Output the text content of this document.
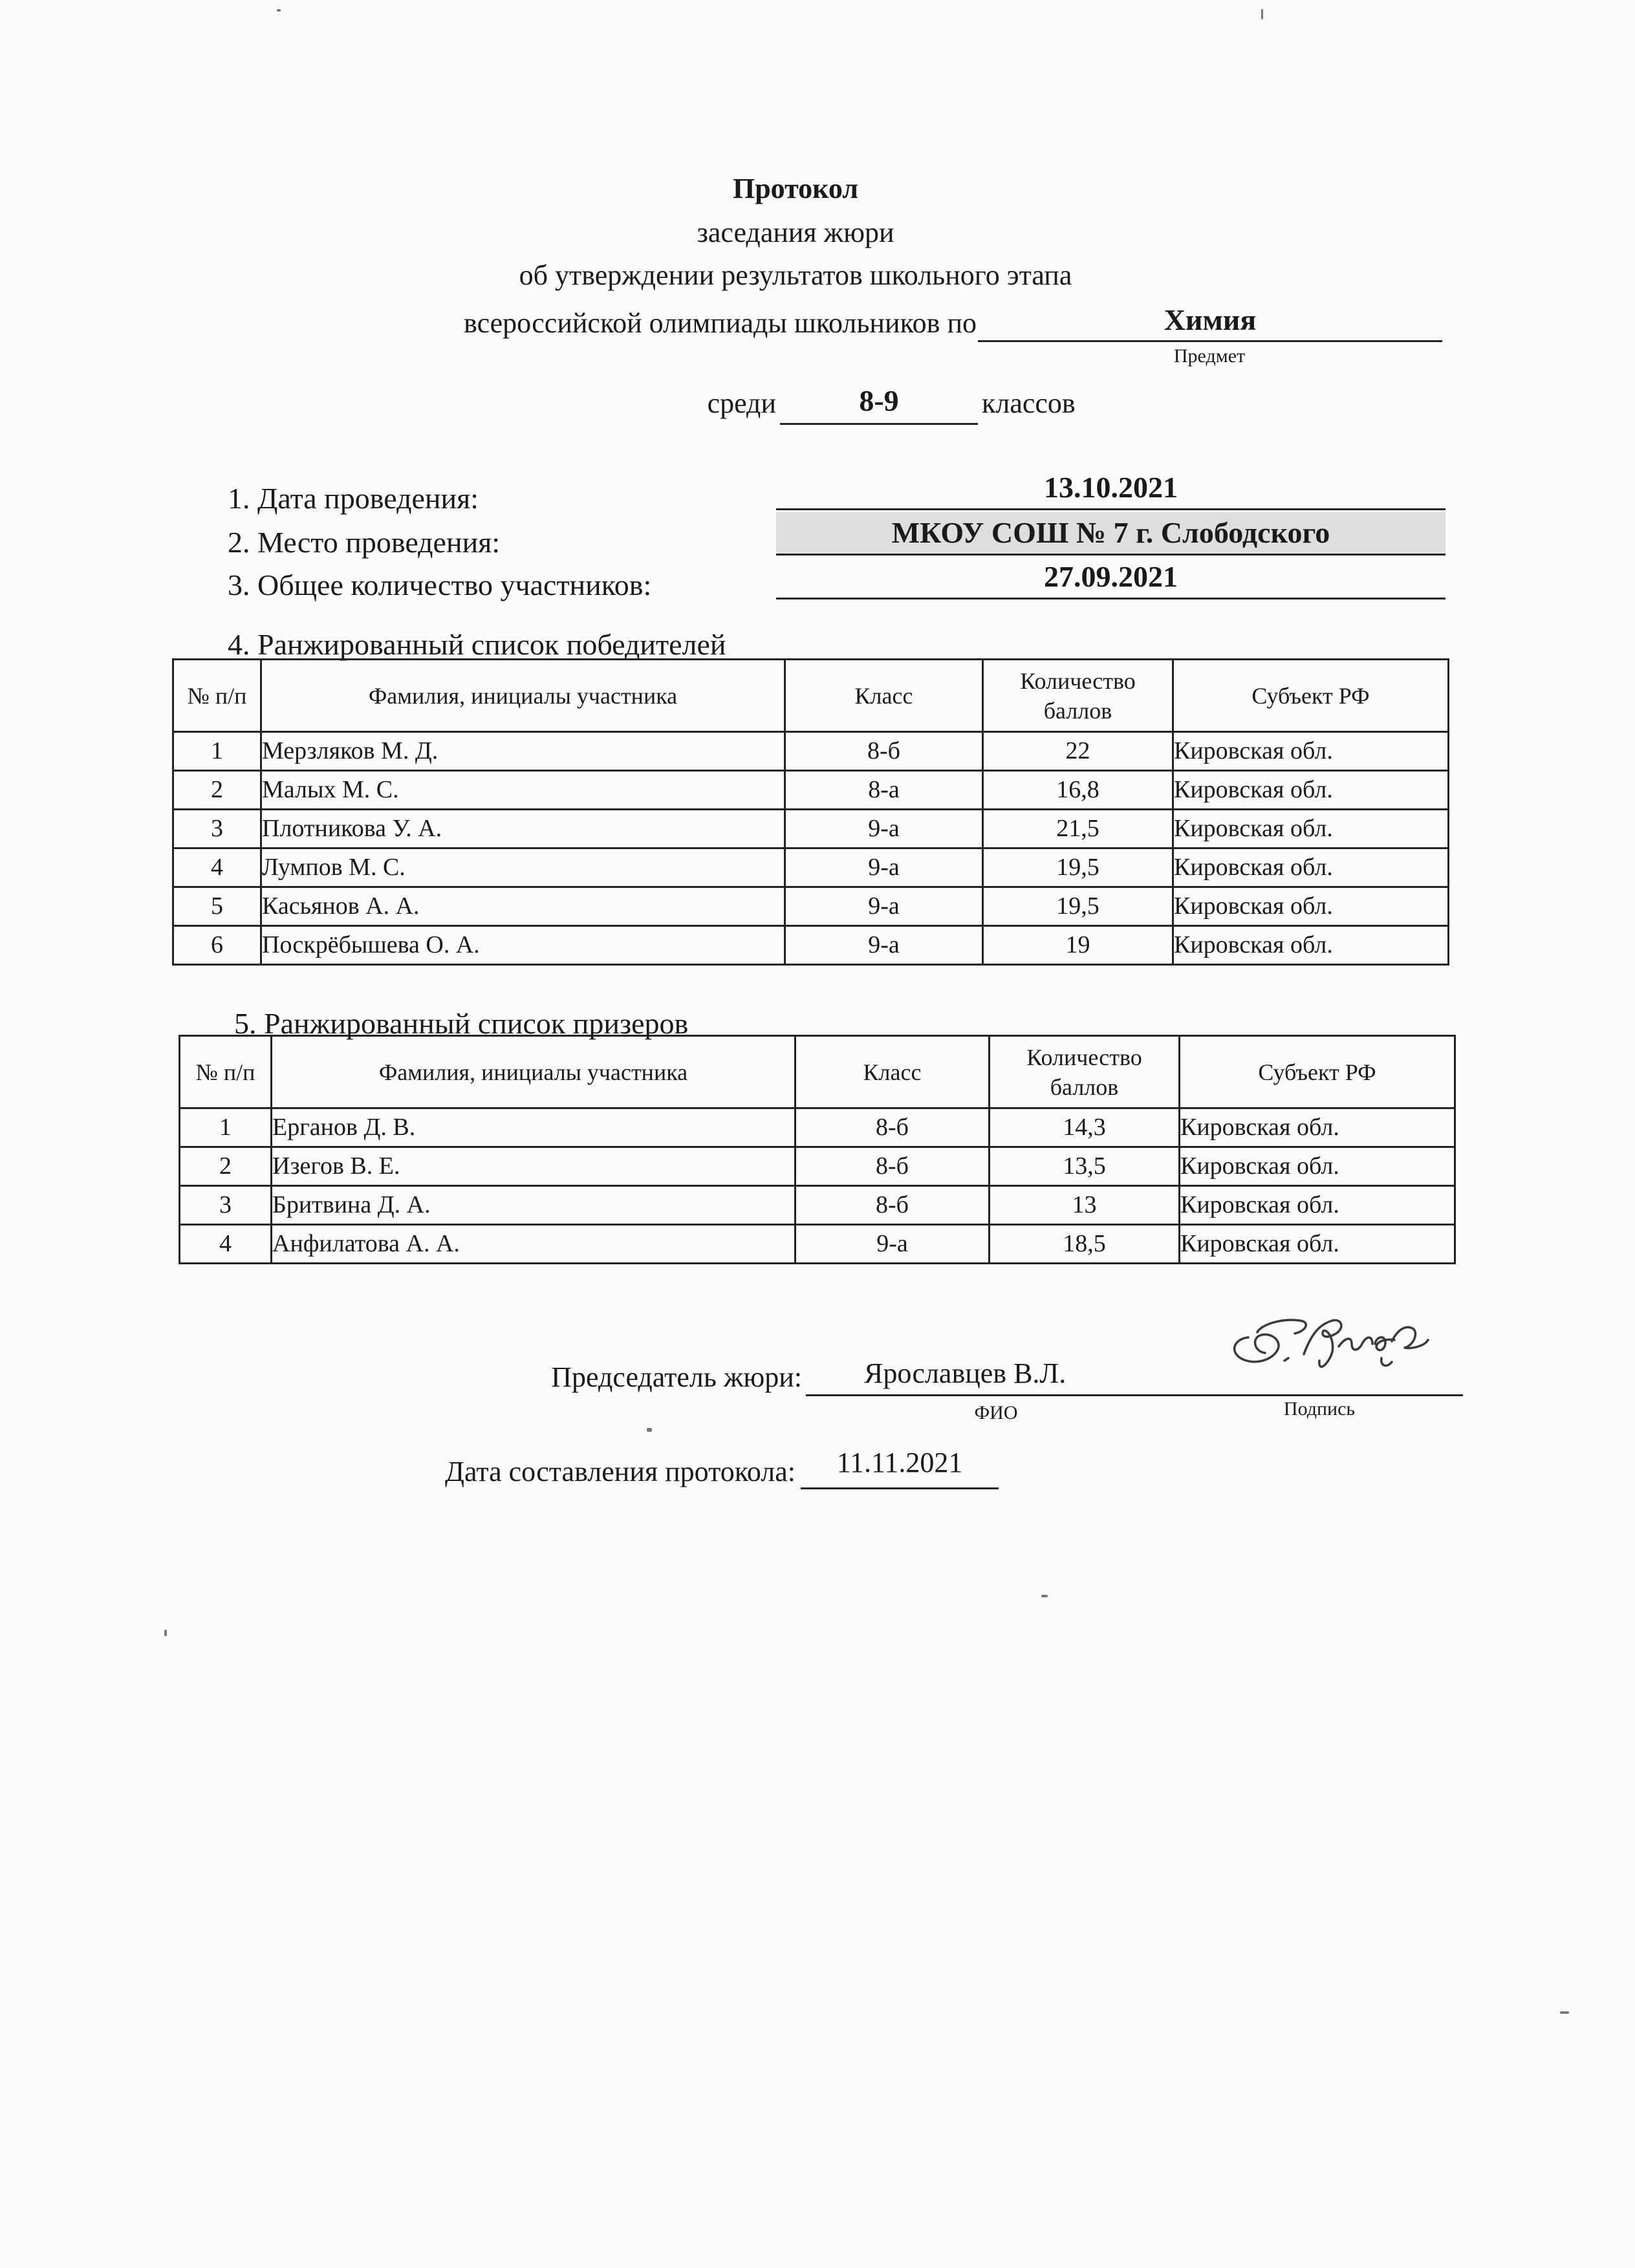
Протокол
заседания жюри
об утверждении результатов школьного этапа
всероссийской олимпиады школьников по	Химия
Предмет
среди	8-9	классов
1. Дата проведения:	13.10.2021
2. Место проведения:	МКОУ СОШ № 7 г. Слободского
3. Общее количество участников:	27.09.2021
4. Ранжированный список победителей
№ п/п	Фамилия, инициалы участника	Класс	Количество баллов	Субъект РФ
1	Мерзляков М. Д.	8-б	22	Кировская обл.
2	Малых М. С.	8-а	16,8	Кировская обл.
3	Плотникова У. А.	9-а	21,5	Кировская обл.
4	Лумпов М. С.	9-а	19,5	Кировская обл.
5	Касьянов А. А.	9-а	19,5	Кировская обл.
6	Поскрёбышева О. А.	9-а	19	Кировская обл.
5. Ранжированный список призеров
№ п/п	Фамилия, инициалы участника	Класс	Количество баллов	Субъект РФ
1	Ерганов Д. В.	8-б	14,3	Кировская обл.
2	Изегов В. Е.	8-б	13,5	Кировская обл.
3	Бритвина Д. А.	8-б	13	Кировская обл.
4	Анфилатова А. А.	9-а	18,5	Кировская обл.
Председатель жюри: Ярославцев В.Л.
ФИО	Подпись
Дата составления протокола:	11.11.2021
